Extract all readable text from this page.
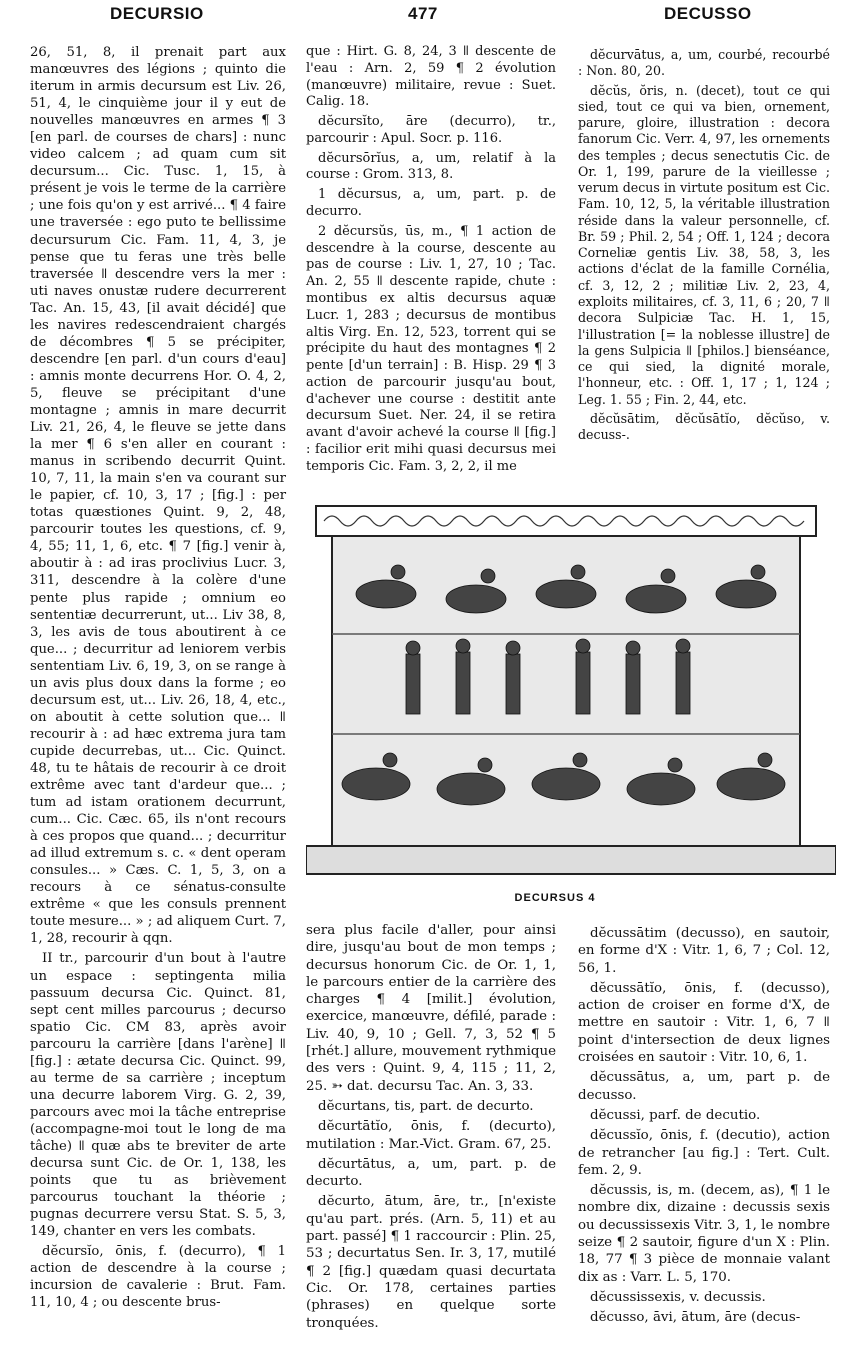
DECURSIO	477	DECUSSO

26, 51, 8, il prenait part aux manœuvres des légions ; quinto die iterum in armis decursum est Liv. 26, 51, 4, le cinquième jour il y eut de nouvelles manœuvres en armes ¶ 3 [en parl. de courses de chars] : nunc video calcem ; ad quam cum sit decursum... Cic. Tusc. 1, 15, à présent je vois le terme de la carrière ; une fois qu'on y est arrivé... ¶ 4 faire une traversée : ego puto te bellissime decursurum Cic. Fam. 11, 4, 3, je pense que tu feras une très belle traversée ǁ descendre vers la mer : uti naves onustæ rudere decurrerent Tac. An. 15, 43, [il avait décidé] que les navires redescendraient chargés de décombres ¶ 5 se précipiter, descendre [en parl. d'un cours d'eau] : amnis monte decurrens Hor. O. 4, 2, 5, fleuve se précipitant d'une montagne ; amnis in mare decurrit Liv. 21, 26, 4, le fleuve se jette dans la mer ¶ 6 s'en aller en courant : manus in scribendo decurrit Quint. 10, 7, 11, la main s'en va courant sur le papier, cf. 10, 3, 17 ; [fig.] : per totas quæstiones Quint. 9, 2, 48, parcourir toutes les questions, cf. 9, 4, 55; 11, 1, 6, etc. ¶ 7 [fig.] venir à, aboutir à : ad iras proclivius Lucr. 3, 311, descendre à la colère d'une pente plus rapide ; omnium eo sententiæ decurrerunt, ut... Liv 38, 8, 3, les avis de tous aboutirent à ce que... ; decurritur ad leniorem verbis sententiam Liv. 6, 19, 3, on se range à un avis plus doux dans la forme ; eo decursum est, ut... Liv. 26, 18, 4, etc., on aboutit à cette solution que... ǁ recourir à : ad hæc extrema jura tam cupide decurrebas, ut... Cic. Quinct. 48, tu te hâtais de recourir à ce droit extrême avec tant d'ardeur que... ; tum ad istam orationem decurrunt, cum... Cic. Cæc. 65, ils n'ont recours à ces propos que quand... ; decurritur ad illud extremum s. c. « dent operam consules... » Cæs. C. 1, 5, 3, on a recours à ce sénatus-consulte extrême « que les consuls prennent toute mesure... » ; ad aliquem Curt. 7, 1, 28, recourir à qqn.

II tr., parcourir d'un bout à l'autre un espace : septingenta milia passuum decursa Cic. Quinct. 81, sept cent milles parcourus ; decurso spatio Cic. CM 83, après avoir parcouru la carrière [dans l'arène] ǁ [fig.] : ætate decursa Cic. Quinct. 99, au terme de sa carrière ; inceptum una decurre laborem Virg. G. 2, 39, parcours avec moi la tâche entreprise (accompagne-moi tout le long de ma tâche) ǁ quæ abs te breviter de arte decursa sunt Cic. de Or. 1, 138, les points que tu as brièvement parcourus touchant la théorie ; pugnas decurrere versu Stat. S. 5, 3, 149, chanter en vers les combats.

dĕcursĭo, ōnis, f. (decurro), ¶ 1 action de descendre à la course ; incursion de cavalerie : Brut. Fam. 11, 10, 4 ; ou descente brus-

que : Hirt. G. 8, 24, 3 ǁ descente de l'eau : Arn. 2, 59 ¶ 2 évolution (manœuvre) militaire, revue : Suet. Calig. 18.

dĕcursĭto, āre (decurro), tr., parcourir : Apul. Socr. p. 116.

dĕcursōrĭus, a, um, relatif à la course : Grom. 313, 8.

1 dĕcursus, a, um, part. p. de decurro.

2 dĕcursŭs, ūs, m., ¶ 1 action de descendre à la course, descente au pas de course : Liv. 1, 27, 10 ; Tac. An. 2, 55 ǁ descente rapide, chute : montibus ex altis decursus aquæ Lucr. 1, 283 ; decursus de montibus altis Virg. En. 12, 523, torrent qui se précipite du haut des montagnes ¶ 2 pente [d'un terrain] : B. Hisp. 29 ¶ 3 action de parcourir jusqu'au bout, d'achever une course : destitit ante decursum Suet. Ner. 24, il se retira avant d'avoir achevé la course ǁ [fig.] : facilior erit mihi quasi decursus mei temporis Cic. Fam. 3, 2, 2, il me

dĕcurvātus, a, um, courbé, recourbé : Non. 80, 20.

dĕcŭs, ŏris, n. (decet), tout ce qui sied, tout ce qui va bien, ornement, parure, gloire, illustration : decora fanorum Cic. Verr. 4, 97, les ornements des temples ; decus senectutis Cic. de Or. 1, 199, parure de la vieillesse ; verum decus in virtute positum est Cic. Fam. 10, 12, 5, la véritable illustration réside dans la valeur personnelle, cf. Br. 59 ; Phil. 2, 54 ; Off. 1, 124 ; decora Corneliæ gentis Liv. 38, 58, 3, les actions d'éclat de la famille Cornélia, cf. 3, 12, 2 ; militiæ Liv. 2, 23, 4, exploits militaires, cf. 3, 11, 6 ; 20, 7 ǁ decora Sulpiciæ Tac. H. 1, 15, l'illustration [= la noblesse illustre] de la gens Sulpicia ǁ [philos.] bienséance, ce qui sied, la dignité morale, l'honneur, etc. : Off. 1, 17 ; 1, 124 ; Leg. 1. 55 ; Fin. 2, 44, etc.

dĕcŭsātim, dĕcŭsātĭo, dĕcŭso, v. decuss-.

DECURSUS 4

sera plus facile d'aller, pour ainsi dire, jusqu'au bout de mon temps ; decursus honorum Cic. de Or. 1, 1, le parcours entier de la carrière des charges ¶ 4 [milit.] évolution, exercice, manœuvre, défilé, parade : Liv. 40, 9, 10 ; Gell. 7, 3, 52 ¶ 5 [rhét.] allure, mouvement rythmique des vers : Quint. 9, 4, 115 ; 11, 2, 25. ➳ dat. decursu Tac. An. 3, 33.

dĕcurtans, tis, part. de decurto.

dĕcurtātĭo, ōnis, f. (decurto), mutilation : Mar.-Vict. Gram. 67, 25.

dĕcurtātus, a, um, part. p. de decurto.

dĕcurto, ātum, āre, tr., [n'existe qu'au part. prés. (Arn. 5, 11) et au part. passé] ¶ 1 raccourcir : Plin. 25, 53 ; decurtatus Sen. Ir. 3, 17, mutilé ¶ 2 [fig.] quædam quasi decurtata Cic. Or. 178, certaines parties (phrases) en quelque sorte tronquées.

dĕcussātim (decusso), en sautoir, en forme d'X : Vitr. 1, 6, 7 ; Col. 12, 56, 1.

dĕcussātĭo, ōnis, f. (decusso), action de croiser en forme d'X, de mettre en sautoir : Vitr. 1, 6, 7 ǁ point d'intersection de deux lignes croisées en sautoir : Vitr. 10, 6, 1.

dĕcussātus, a, um, part p. de decusso.

dĕcussi, parf. de decutio.

dĕcussĭo, ōnis, f. (decutio), action de retrancher [au fig.] : Tert. Cult. fem. 2, 9.

dĕcussis, is, m. (decem, as), ¶ 1 le nombre dix, dizaine : decussis sexis ou decussissexis Vitr. 3, 1, le nombre seize ¶ 2 sautoir, figure d'un X : Plin. 18, 77 ¶ 3 pièce de monnaie valant dix as : Varr. L. 5, 170.

dĕcussissexis, v. decussis.

dĕcusso, āvi, ātum, āre (decus-
